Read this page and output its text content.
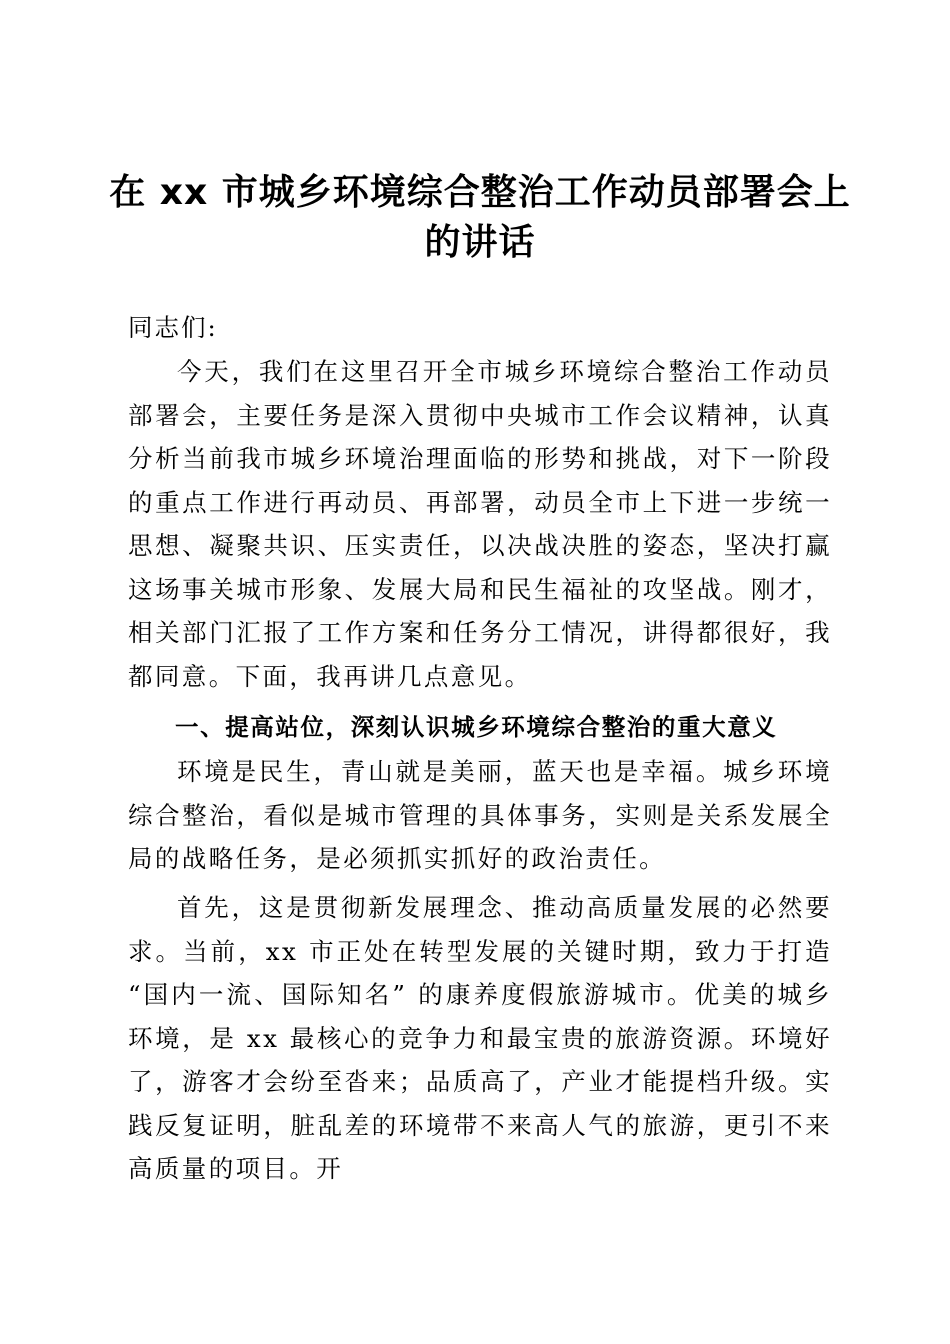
在 xx 市城乡环境综合整治工作动员部署会上的讲话
同志们:

今天，我们在这里召开全市城乡环境综合整治工作动员部署会，主要任务是深入贯彻中央城市工作会议精神，认真分析当前我市城乡环境治理面临的形势和挑战，对下一阶段的重点工作进行再动员、再部署，动员全市上下进一步统一思想、凝聚共识、压实责任，以决战决胜的姿态，坚决打赢这场事关城市形象、发展大局和民生福祉的攻坚战。刚才，相关部门汇报了工作方案和任务分工情况，讲得都很好，我都同意。下面，我再讲几点意见。

一、提高站位，深刻认识城乡环境综合整治的重大意义

环境是民生，青山就是美丽，蓝天也是幸福。城乡环境综合整治，看似是城市管理的具体事务，实则是关系发展全局的战略任务，是必须抓实抓好的政治责任。

首先，这是贯彻新发展理念、推动高质量发展的必然要求。当前，xx 市正处在转型发展的关键时期，致力于打造 “国内一流、国际知名” 的康养度假旅游城市。优美的城乡环境，是 xx 最核心的竞争力和最宝贵的旅游资源。环境好了，游客才会纷至沓来；品质高了，产业才能提档升级。实践反复证明，脏乱差的环境带不来高人气的旅游，更引不来高质量的项目。开
